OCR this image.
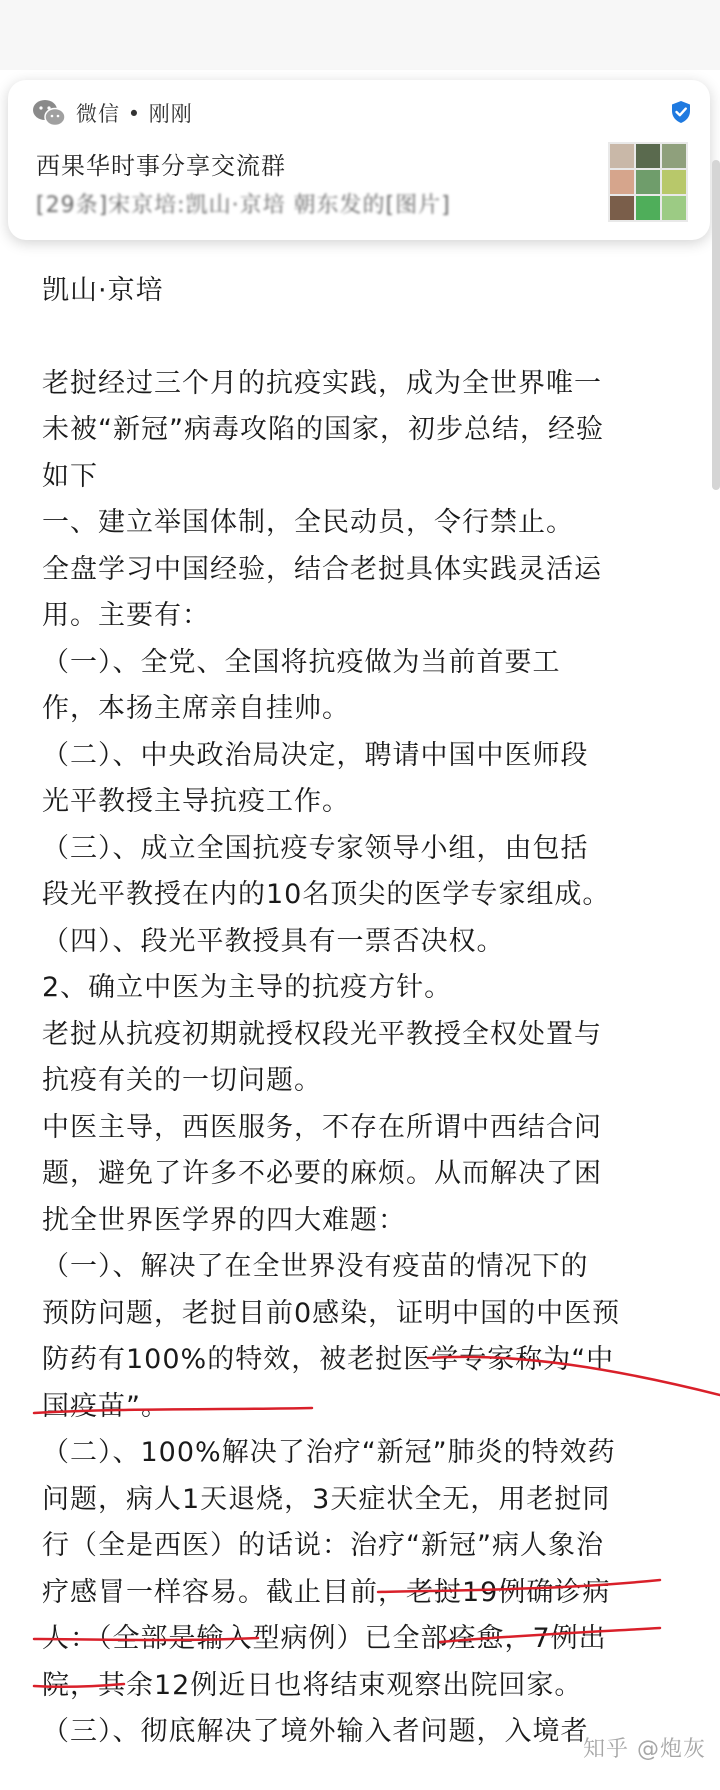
微信 • 刚刚
西果华时事分享交流群
[29条]宋京培:凯山·京培 朝东发的[图片]

凯山·京培

老挝经过三个月的抗疫实践，成为全世界唯一

未被“新冠”病毒攻陷的国家，初步总结，经验

如下

一、建立举国体制，全民动员，令行禁止。

全盘学习中国经验，结合老挝具体实践灵活运

用。主要有：

（一）、全党、全国将抗疫做为当前首要工

作，本扬主席亲自挂帅。

（二）、中央政治局决定，聘请中国中医师段

光平教授主导抗疫工作。

（三）、成立全国抗疫专家领导小组，由包括

段光平教授在内的10名顶尖的医学专家组成。

（四）、段光平教授具有一票否决权。

2、确立中医为主导的抗疫方针。

老挝从抗疫初期就授权段光平教授全权处置与

抗疫有关的一切问题。

中医主导，西医服务，不存在所谓中西结合问

题，避免了许多不必要的麻烦。从而解决了困

扰全世界医学界的四大难题：

（一）、解决了在全世界没有疫苗的情况下的

预防问题，老挝目前0感染，证明中国的中医预

防药有100%的特效，被老挝医学专家称为“中

国疫苗”。

（二）、100%解决了治疗“新冠”肺炎的特效药

问题，病人1天退烧，3天症状全无，用老挝同

行（全是西医）的话说：治疗“新冠”病人象治

疗感冒一样容易。截止目前，老挝19例确诊病

人：（全部是输入型病例）已全部痊愈，7例出

院，其余12例近日也将结束观察出院回家。

（三）、彻底解决了境外输入者问题，入境者

知乎 @炮灰
